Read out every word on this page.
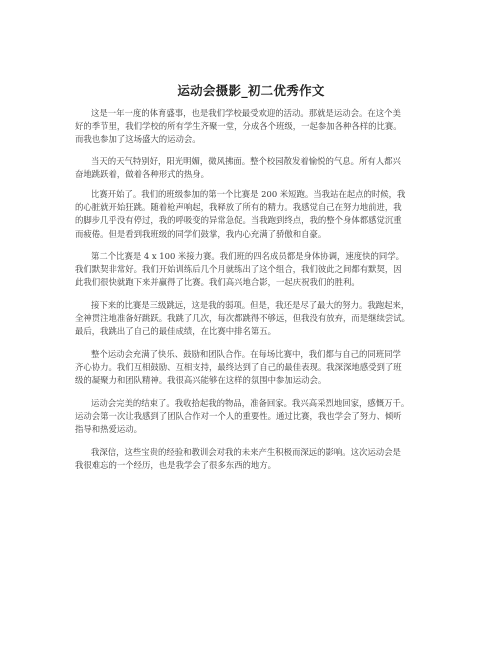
运动会摄影_初二优秀作文

这是一年一度的体育盛事，也是我们学校最受欢迎的活动。那就是运动会。在这个美
好的季节里，我们学校的所有学生齐聚一堂，分成各个班级，一起参加各种各样的比赛。
而我也参加了这场盛大的运动会。

当天的天气特别好，阳光明媚，微风拂面。整个校园散发着愉悦的气息。所有人都兴
奋地跳跃着，做着各种形式的热身。

比赛开始了。我们的班级参加的第一个比赛是 200 米短跑。当我站在起点的时候，我
的心脏就开始狂跳。随着枪声响起，我释放了所有的精力。我感觉自己在努力地前进，我
的脚步几乎没有停过，我的呼吸变的异常急促。当我跑到终点，我的整个身体都感觉沉重
而疲倦。但是看到我班级的同学们鼓掌，我内心充满了骄傲和自豪。

第二个比赛是 4 x 100 米接力赛。我们班的四名成员都是身体协调，速度快的同学。
我们默契非常好。我们开始训练后几个月就练出了这个组合，我们彼此之间都有默契，因
此我们很快就跑下来并赢得了比赛。我们高兴地合影，一起庆祝我们的胜利。

接下来的比赛是三级跳远，这是我的弱项。但是，我还是尽了最大的努力。我跑起来，
全神贯注地准备好跳跃。我跳了几次，每次都跳得不够远，但我没有放弃，而是继续尝试。
最后，我跳出了自己的最佳成绩，在比赛中排名第五。

整个运动会充满了快乐、鼓励和团队合作。在每场比赛中，我们都与自己的同班同学
齐心协力。我们互相鼓励、互相支持，最终达到了自己的最佳表现。我深深地感受到了班
级的凝聚力和团队精神。我很高兴能够在这样的氛围中参加运动会。

运动会完美的结束了。我收拾起我的物品，准备回家。我兴高采烈地回家，感慨万千。
运动会第一次让我感到了团队合作对一个人的重要性。通过比赛，我也学会了努力、倾听
指导和热爱运动。

我深信，这些宝贵的经验和教训会对我的未来产生积极而深远的影响。这次运动会是
我很难忘的一个经历，也是我学会了很多东西的地方。
